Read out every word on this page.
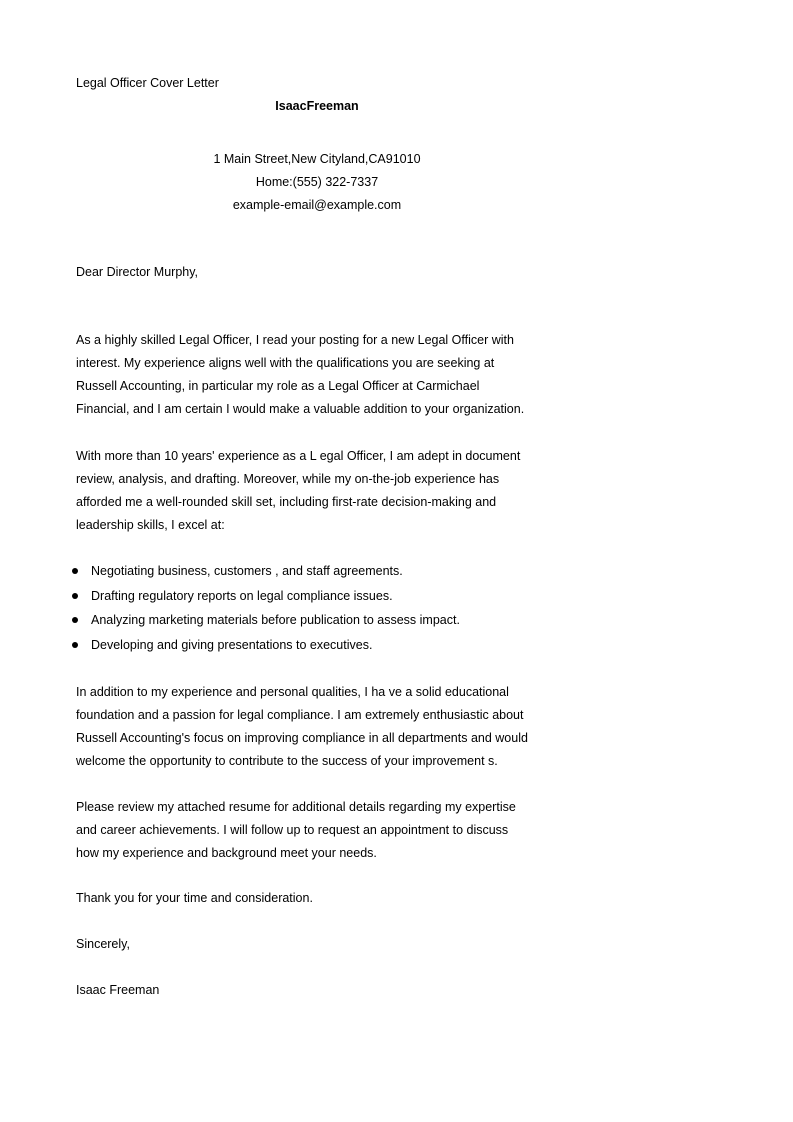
Legal Officer Cover Letter
IsaacFreeman
1 Main Street,New Cityland,CA91010
Home:(555) 322-7337
example-email@example.com
Dear Director Murphy,
As a highly skilled Legal Officer, I read your posting for a new Legal Officer with
interest. My experience aligns well with the qualifications you are seeking at
Russell Accounting, in particular my role as a Legal Officer at Carmichael
Financial, and I am certain I would make a valuable addition to your organization.
With more than 10 years' experience as a L egal Officer, I am adept in document
review, analysis, and drafting. Moreover, while my on-the-job experience has
afforded me a well-rounded skill set, including first-rate decision-making and
leadership skills, I excel at:
Negotiating business, customers , and staff agreements.
Drafting regulatory reports on legal compliance issues.
Analyzing marketing materials before publication to assess impact.
Developing and giving presentations to executives.
In addition to my experience and personal qualities, I ha ve a solid educational
foundation and a passion for legal compliance. I am extremely enthusiastic about
Russell Accounting's focus on improving compliance in all departments and would
welcome the opportunity to contribute to the success of your improvement s.
Please review my attached resume for additional details regarding my expertise
and career achievements. I will follow up to request an appointment to discuss
how my experience and background meet your needs.
Thank you for your time and consideration.
Sincerely,
Isaac Freeman
